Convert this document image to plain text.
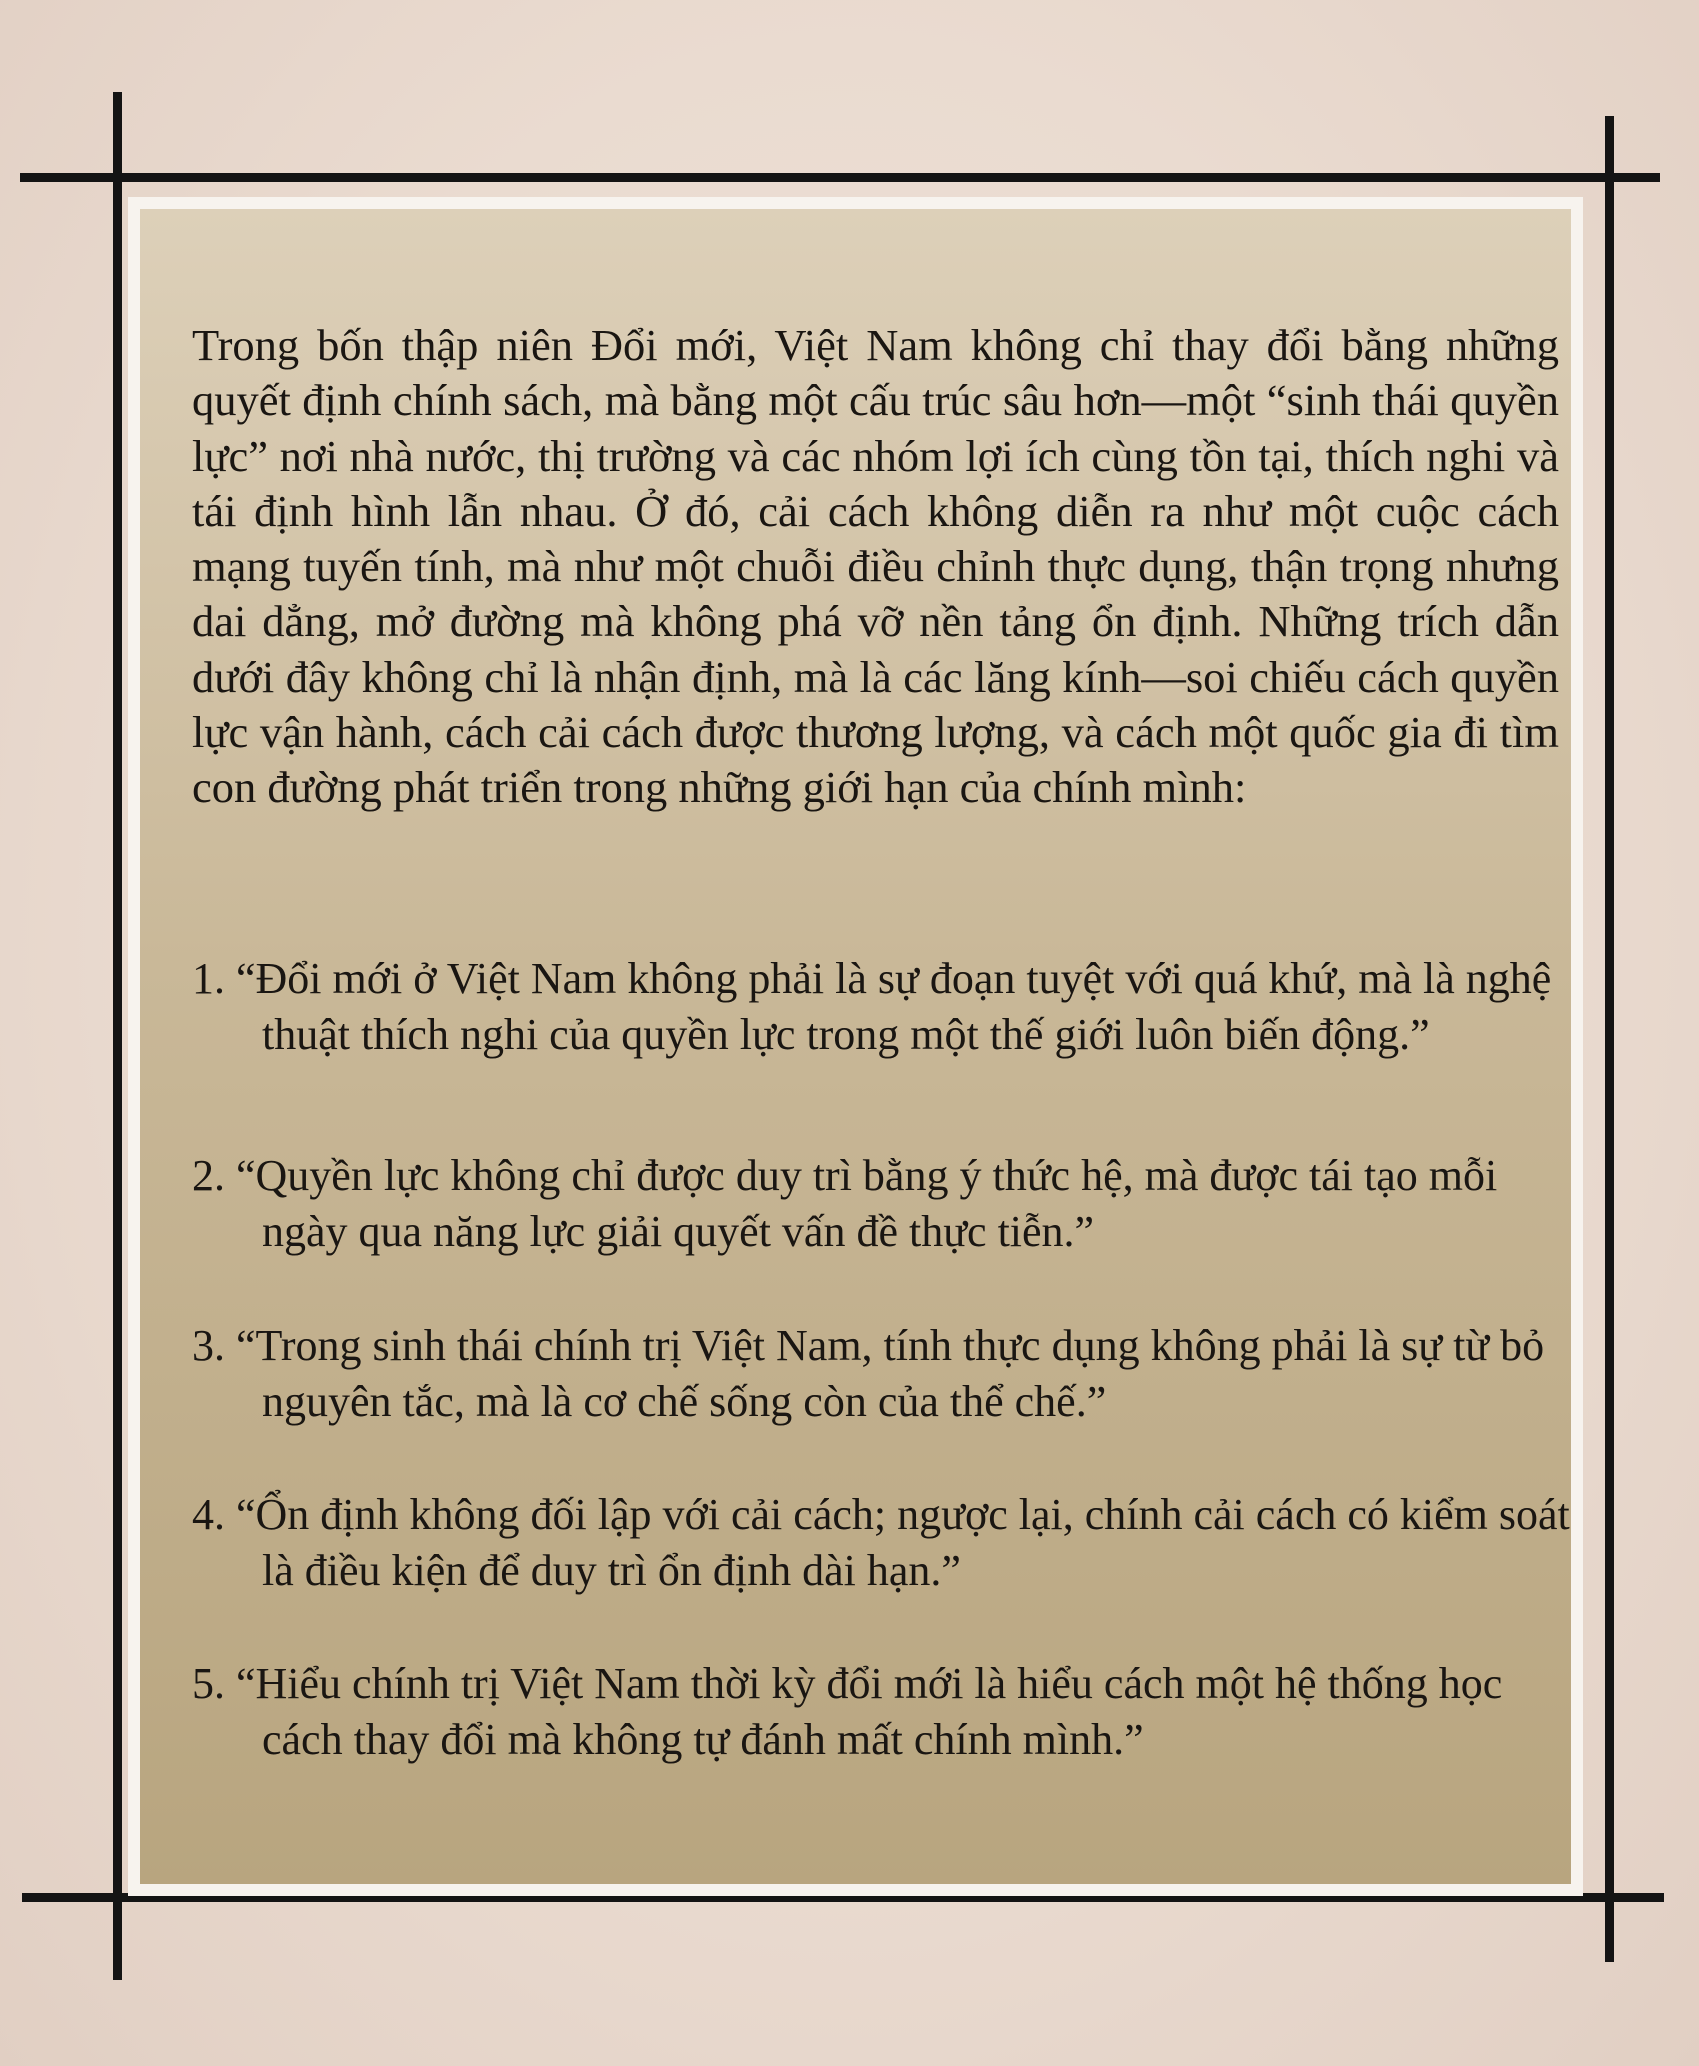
Trong bốn thập niên Đổi mới, Việt Nam không chỉ thay đổi bằng những quyết định chính sách, mà bằng một cấu trúc sâu hơn—một “sinh thái quyền lực” nơi nhà nước, thị trường và các nhóm lợi ích cùng tồn tại, thích nghi và tái định hình lẫn nhau. Ở đó, cải cách không diễn ra như một cuộc cách mạng tuyến tính, mà như một chuỗi điều chỉnh thực dụng, thận trọng nhưng dai dẳng, mở đường mà không phá vỡ nền tảng ổn định. Những trích dẫn dưới đây không chỉ là nhận định, mà là các lăng kính—soi chiếu cách quyền lực vận hành, cách cải cách được thương lượng, và cách một quốc gia đi tìm con đường phát triển trong những giới hạn của chính mình:

1. “Đổi mới ở Việt Nam không phải là sự đoạn tuyệt với quá khứ, mà là nghệ thuật thích nghi của quyền lực trong một thế giới luôn biến động.”

2. “Quyền lực không chỉ được duy trì bằng ý thức hệ, mà được tái tạo mỗi ngày qua năng lực giải quyết vấn đề thực tiễn.”

3. “Trong sinh thái chính trị Việt Nam, tính thực dụng không phải là sự từ bỏ nguyên tắc, mà là cơ chế sống còn của thể chế.”

4. “Ổn định không đối lập với cải cách; ngược lại, chính cải cách có kiểm soát là điều kiện để duy trì ổn định dài hạn.”

5. “Hiểu chính trị Việt Nam thời kỳ đổi mới là hiểu cách một hệ thống học cách thay đổi mà không tự đánh mất chính mình.”
